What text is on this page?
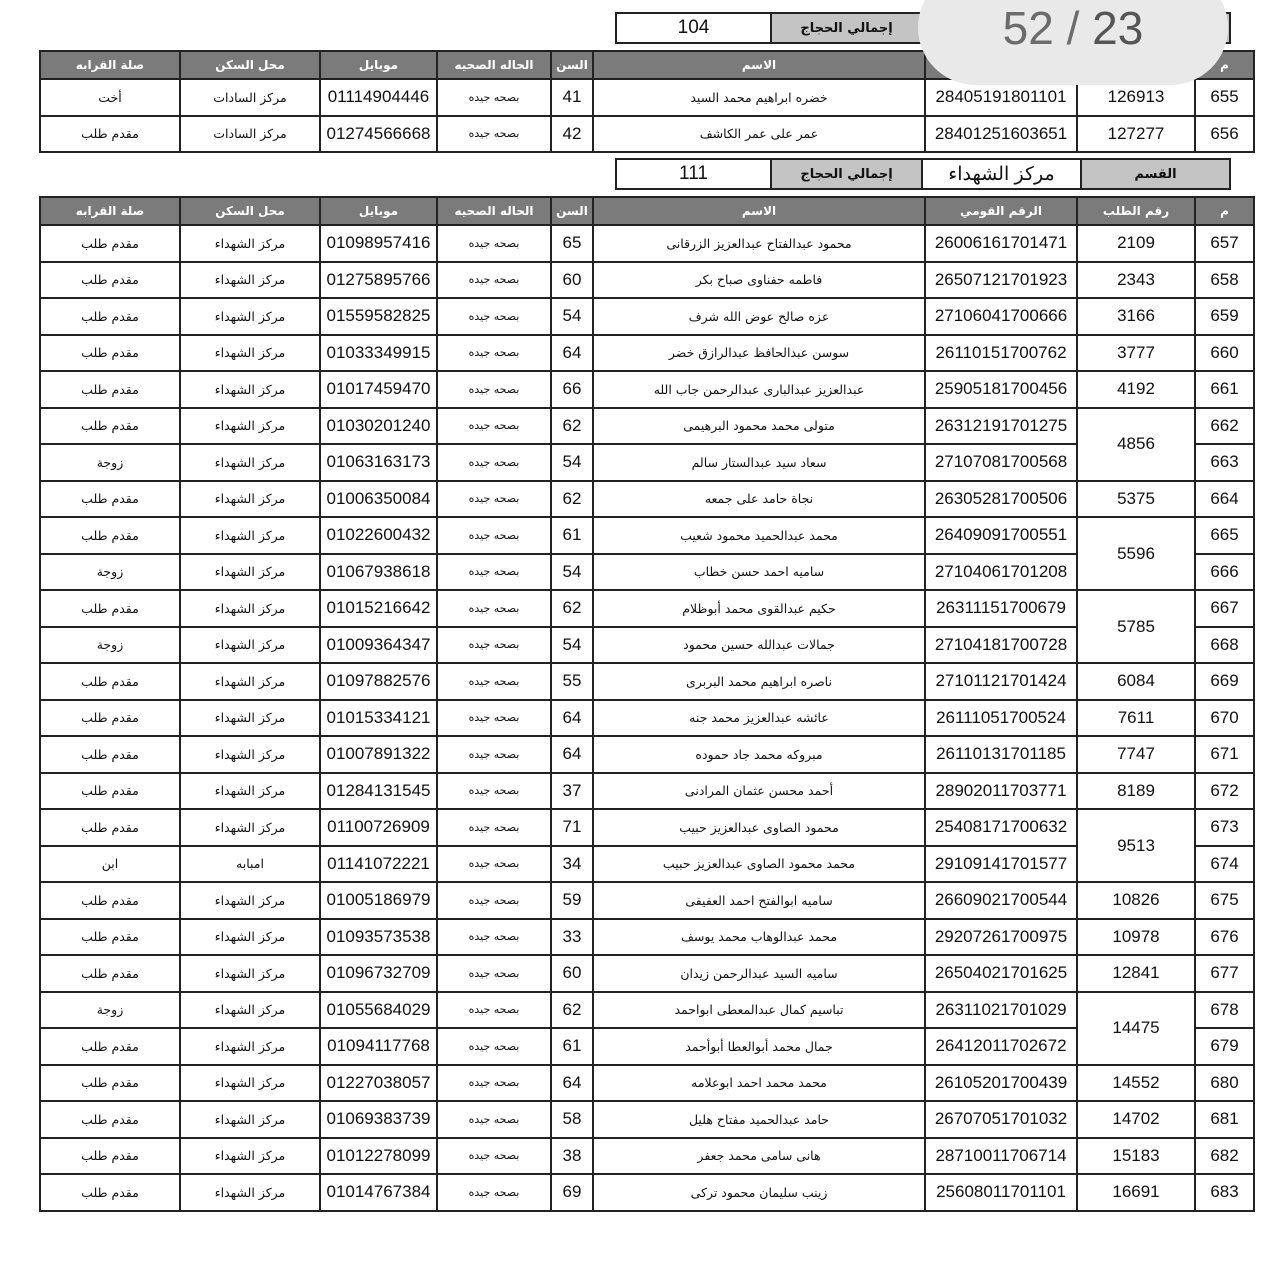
إجمالي الحجاج
104
م			الاسم	السن	الحاله الصحيه	موبايل	محل السكن	صلة القرابه
655	126913	28405191801101	خضره ابراهيم محمد السيد	41	بصحه جيده	01114904446	مركز السادات	أخت
656	127277	28401251603651	عمر على عمر الكاشف	42	بصحه جيده	01274566668	مركز السادات	مقدم طلب
القسم
مركز الشهداء
إجمالي الحجاج
111
م	رقم الطلب	الرقم القومي	الاسم	السن	الحاله الصحيه	موبايل	محل السكن	صلة القرابه
657	2109	26006161701471	محمود عبدالفتاح عبدالعزيز الزرقانى	65	بصحه جيده	01098957416	مركز الشهداء	مقدم طلب
658	2343	26507121701923	فاطمه حفناوى صباح بكر	60	بصحه جيده	01275895766	مركز الشهداء	مقدم طلب
659	3166	27106041700666	عزه صالح عوض الله شرف	54	بصحه جيده	01559582825	مركز الشهداء	مقدم طلب
660	3777	26110151700762	سوسن عبدالحافظ عبدالرازق خضر	64	بصحه جيده	01033349915	مركز الشهداء	مقدم طلب
661	4192	25905181700456	عبدالعزيز عبدالبارى عبدالرحمن جاب الله	66	بصحه جيده	01017459470	مركز الشهداء	مقدم طلب
662	4856	26312191701275	متولى محمد محمود البرهيمى	62	بصحه جيده	01030201240	مركز الشهداء	مقدم طلب
663		27107081700568	سعاد سيد عبدالستار سالم	54	بصحه جيده	01063163173	مركز الشهداء	زوجة
664	5375	26305281700506	نجاة حامد على جمعه	62	بصحه جيده	01006350084	مركز الشهداء	مقدم طلب
665	5596	26409091700551	محمد عبدالحميد محمود شعيب	61	بصحه جيده	01022600432	مركز الشهداء	مقدم طلب
666		27104061701208	ساميه احمد حسن خطاب	54	بصحه جيده	01067938618	مركز الشهداء	زوجة
667	5785	26311151700679	حكيم عبدالقوى محمد أبوظلام	62	بصحه جيده	01015216642	مركز الشهداء	مقدم طلب
668		27104181700728	جمالات عبدالله حسين محمود	54	بصحه جيده	01009364347	مركز الشهداء	زوجة
669	6084	27101121701424	ناصره ابراهيم محمد البربرى	55	بصحه جيده	01097882576	مركز الشهداء	مقدم طلب
670	7611	26111051700524	عائشه عبدالعزيز محمد جنه	64	بصحه جيده	01015334121	مركز الشهداء	مقدم طلب
671	7747	26110131701185	مبروكه محمد جاد حموده	64	بصحه جيده	01007891322	مركز الشهداء	مقدم طلب
672	8189	28902011703771	أحمد محسن عثمان المرادنى	37	بصحه جيده	01284131545	مركز الشهداء	مقدم طلب
673	9513	25408171700632	محمود الصاوى عبدالعزيز حبيب	71	بصحه جيده	01100726909	مركز الشهداء	مقدم طلب
674		29109141701577	محمد محمود الصاوى عبدالعزيز حبيب	34	بصحه جيده	01141072221	امبابه	ابن
675	10826	26609021700544	ساميه ابوالفتح احمد العفيفى	59	بصحه جيده	01005186979	مركز الشهداء	مقدم طلب
676	10978	29207261700975	محمد عبدالوهاب محمد يوسف	33	بصحه جيده	01093573538	مركز الشهداء	مقدم طلب
677	12841	26504021701625	ساميه السيد عبدالرحمن زيدان	60	بصحه جيده	01096732709	مركز الشهداء	مقدم طلب
678	14475	26311021701029	تباسيم كمال عبدالمعطى ابواحمد	62	بصحه جيده	01055684029	مركز الشهداء	زوجة
679		26412011702672	جمال محمد أبوالعطا أبوأحمد	61	بصحه جيده	01094117768	مركز الشهداء	مقدم طلب
680	14552	26105201700439	محمد محمد احمد ابوعلامه	64	بصحه جيده	01227038057	مركز الشهداء	مقدم طلب
681	14702	26707051701032	حامد عبدالحميد مفتاح هليل	58	بصحه جيده	01069383739	مركز الشهداء	مقدم طلب
682	15183	28710011706714	هانى سامى محمد جعفر	38	بصحه جيده	01012278099	مركز الشهداء	مقدم طلب
683	16691	25608011701101	زينب سليمان محمود تركى	69	بصحه جيده	01014767384	مركز الشهداء	مقدم طلب
52 / 23
